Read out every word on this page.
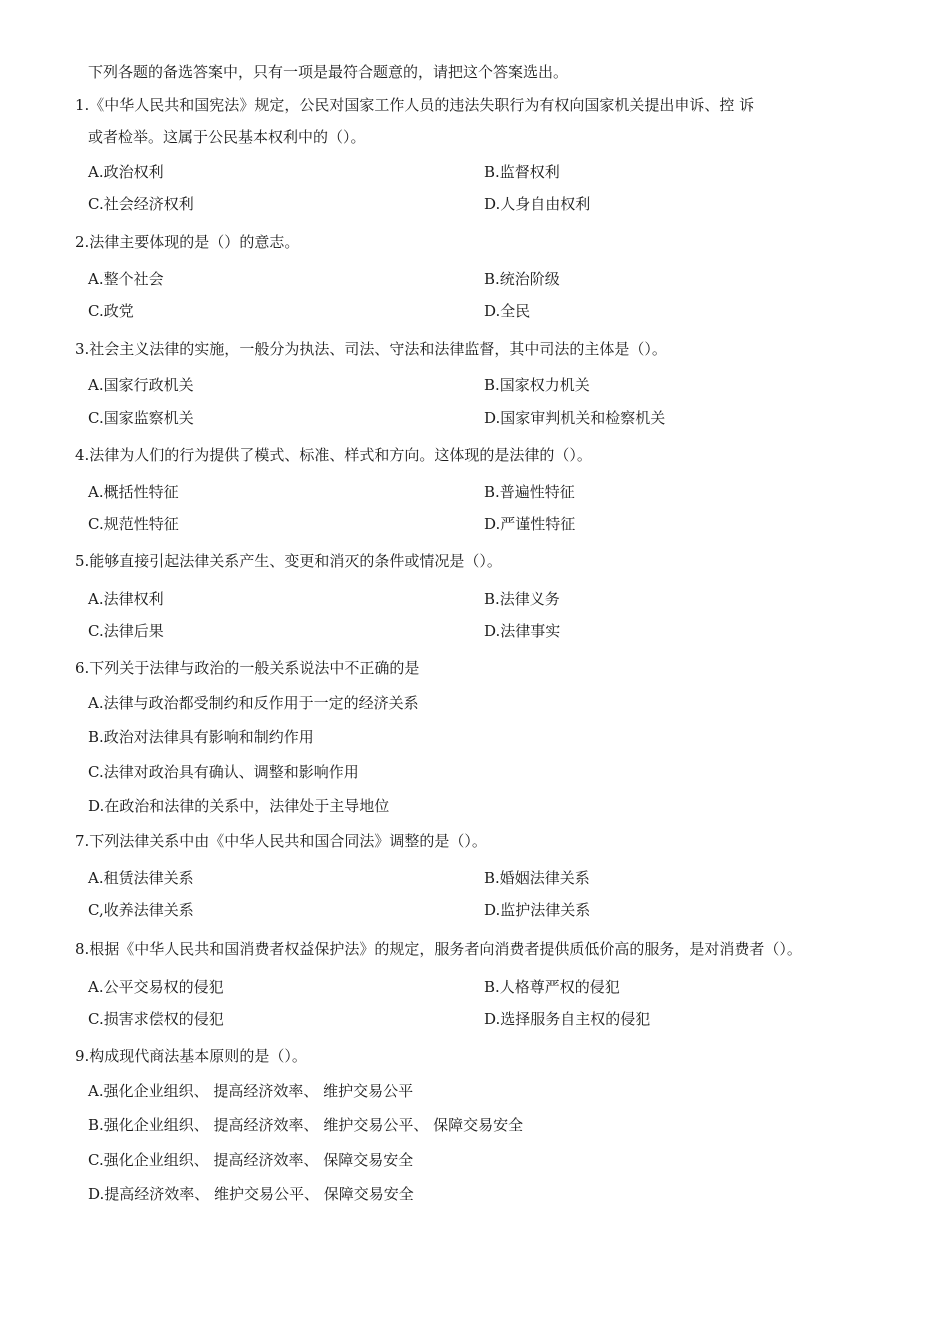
下列各题的备选答案中，只有一项是最符合题意的，请把这个答案选出。
1.《中华人民共和国宪法》规定，公民对国家工作人员的违法失职行为有权向国家机关提出申诉、控 诉
或者检举。这属于公民基本权利中的（）。
A.政治权利	B.监督权利
C.社会经济权利	D.人身自由权利
2.法律主要体现的是（）的意志。
A.整个社会	B.统治阶级
C.政党	D.全民
3.社会主义法律的实施，一般分为执法、司法、守法和法律监督，其中司法的主体是（）。
A.国家行政机关	B.国家权力机关
C.国家监察机关	D.国家审判机关和检察机关
4.法律为人们的行为提供了模式、标准、样式和方向。这体现的是法律的（）。
A.概括性特征	B.普遍性特征
C.规范性特征	D.严谨性特征
5.能够直接引起法律关系产生、变更和消灭的条件或情况是（）。
A.法律权利	B.法律义务
C.法律后果	D.法律事实
6.下列关于法律与政治的一般关系说法中不正确的是
A.法律与政治都受制约和反作用于一定的经济关系
B.政治对法律具有影响和制约作用
C.法律对政治具有确认、调整和影响作用
D.在政治和法律的关系中，法律处于主导地位
7.下列法律关系中由《中华人民共和国合同法》调整的是（）。
A.租赁法律关系	B.婚姻法律关系
C,收养法律关系	D.监护法律关系
8.根据《中华人民共和国消费者权益保护法》的规定，服务者向消费者提供质低价高的服务，是对消费者（）。
A.公平交易权的侵犯	B.人格尊严权的侵犯
C.损害求偿权的侵犯	D.选择服务自主权的侵犯
9.构成现代商法基本原则的是（）。
A.强化企业组织、 提高经济效率、 维护交易公平
B.强化企业组织、 提高经济效率、 维护交易公平、 保障交易安全
C.强化企业组织、 提高经济效率、 保障交易安全
D.提高经济效率、 维护交易公平、 保障交易安全
